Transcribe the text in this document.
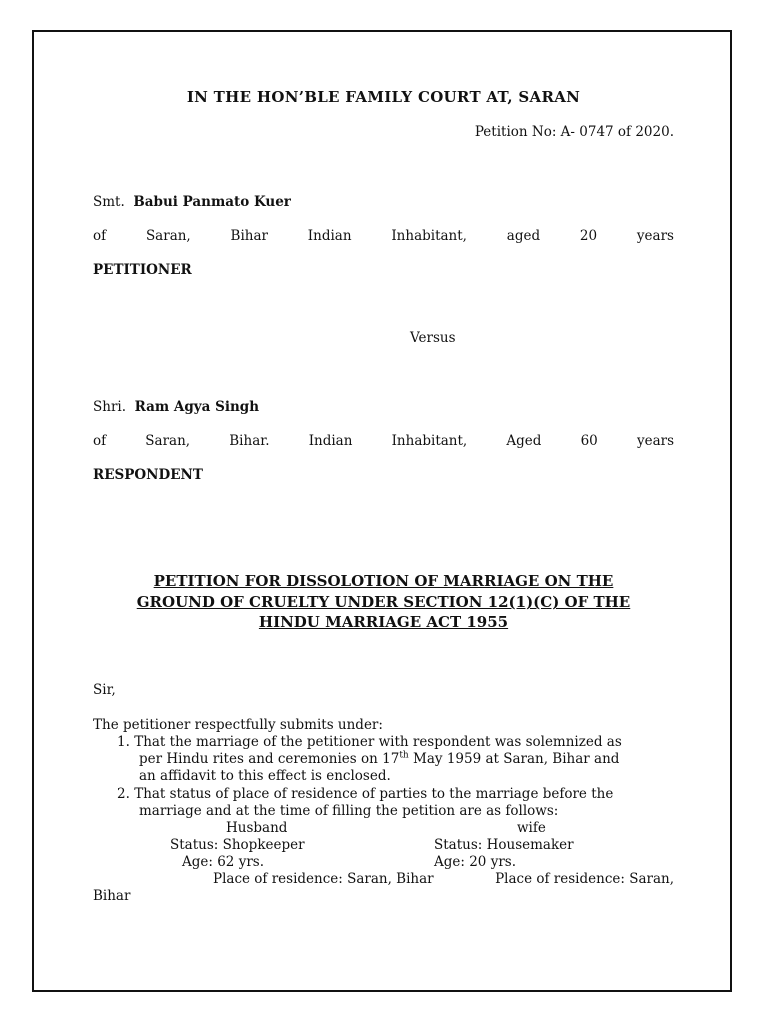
IN THE HON’BLE FAMILY COURT AT, SARAN
Petition No: A- 0747 of 2020.
Smt. Babui Panmato Kuer
of	Saran,	Bihar	Indian	Inhabitant,	aged	20	years
PETITIONER
Versus
Shri. Ram Agya Singh
of	Saran,	Bihar.	Indian	Inhabitant,	Aged	60	years
RESPONDENT
PETITION FOR DISSOLOTION OF MARRIAGE ON THE
GROUND OF CRUELTY UNDER SECTION 12(1)(C) OF THE
HINDU MARRIAGE ACT 1955
Sir,
The petitioner respectfully submits under:
1. That the marriage of the petitioner with respondent was solemnized as
per Hindu rites and ceremonies on 17th May 1959 at Saran, Bihar and
an affidavit to this effect is enclosed.
2. That status of place of residence of parties to the marriage before the
marriage and at the time of filling the petition are as follows:
Husband	wife
Status: Shopkeeper	Status: Housemaker
Age: 62 yrs.	Age: 20 yrs.
Place of residence: Saran, Bihar	Place of residence: Saran,
Bihar
